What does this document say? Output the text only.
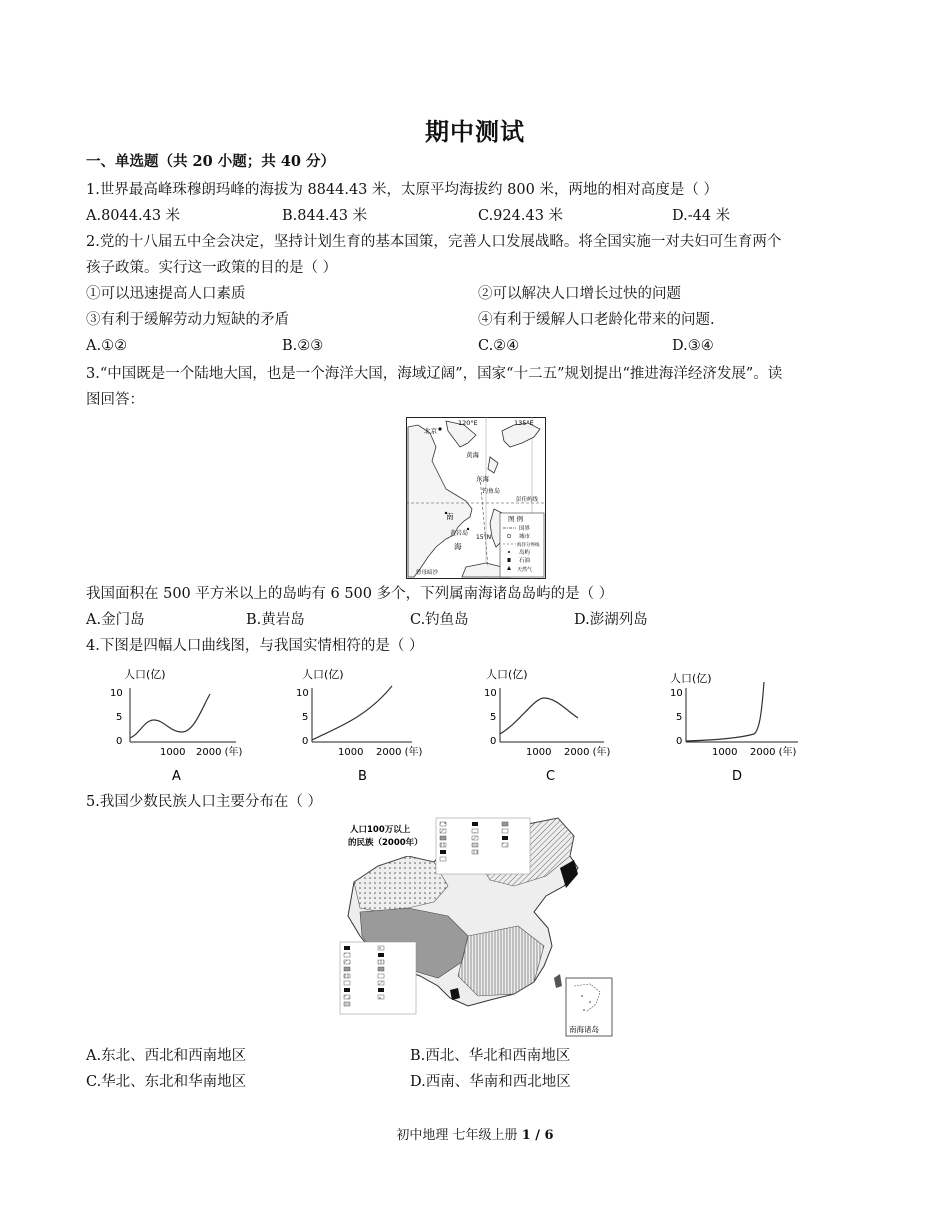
期中测试
一、单选题（共 20 小题；共 40 分）
1.世界最高峰珠穆朗玛峰的海拔为 8844.43 米，太原平均海拔约 800 米，两地的相对高度是（ ）
A.8044.43 米	B.844.43 米	C.924.43 米	D.-44 米
2.党的十八届五中全会决定，坚持计划生育的基本国策，完善人口发展战略。将全国实施一对夫妇可生育两个
孩子政策。实行这一政策的目的是（ ）
①可以迅速提高人口素质	②可以解决人口增长过快的问题
③有利于缓解劳动力短缺的矛盾	④有利于缓解人口老龄化带来的问题.
A.①②	B.②③	C.②④	D.③④
3.“中国既是一个陆地大国，也是一个海洋大国，海域辽阔”，国家“十二五”规划提出“推进海洋经济发展”。读
图回答：
120°E	135°E
北京
黄海
东海
钓鱼岛
彭佳屿线
南
海
黄岩岛
15°N
曾母暗沙
图 例
国界
城市
海洋分界线
岛屿
石油
天然气
我国面积在 500 平方米以上的岛屿有 6 500 多个，下列属南海诸岛岛屿的是（ ）
A.金门岛	B.黄岩岛	C.钓鱼岛	D.澎湖列岛
4.下图是四幅人口曲线图，与我国实情相符的是（ ）
人口(亿)
10
5
0
1000 2000 (年)
A
人口(亿)
10
5
0
1000 2000 (年)
B
人口(亿)
10
5
0
1000 2000 (年)
C
人口(亿)
10
5
0
1000 2000 (年)
D
5.我国少数民族人口主要分布在（ ）
人口100万以上
的民族（2000年）
南海诸岛
A.东北、西北和西南地区	B.西北、华北和西南地区
C.华北、东北和华南地区	D.西南、华南和西北地区
初中地理 七年级上册 1 / 6
